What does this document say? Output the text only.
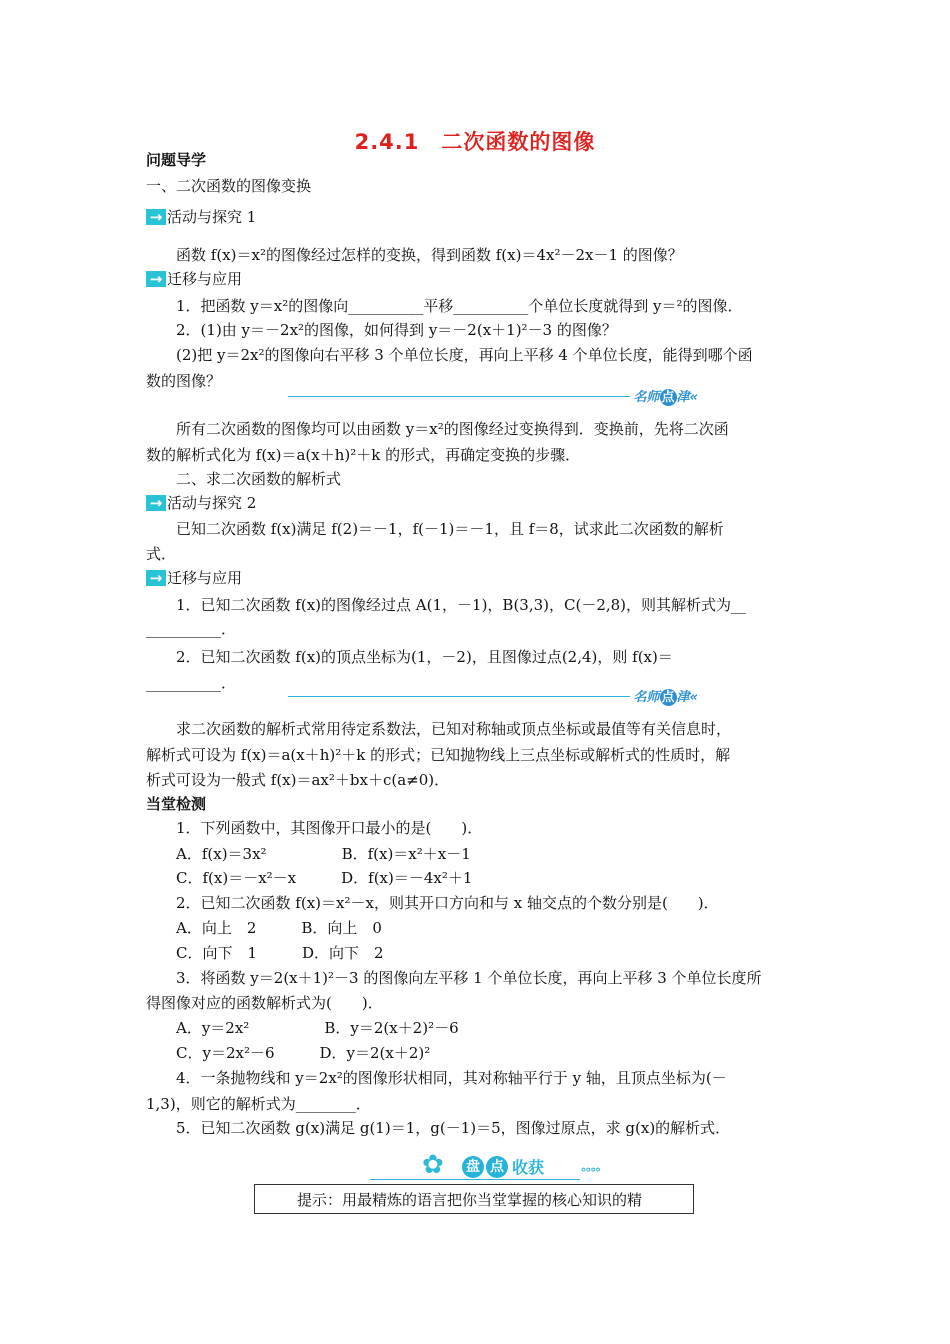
2.4.1　二次函数的图像
问题导学
一、二次函数的图像变换
→ 活动与探究 1
　　函数 f(x)＝x²的图像经过怎样的变换，得到函数 f(x)＝4x²－2x－1 的图像？
→ 迁移与应用
　　1．把函数 y＝x²的图像向__________平移__________个单位长度就得到 y＝²的图像．
　　2．(1)由 y＝－2x²的图像，如何得到 y＝－2(x＋1)²－3 的图像？
　　(2)把 y＝2x²的图像向右平移 3 个单位长度，再向上平移 4 个单位长度，能得到哪个函
数的图像？
　　所有二次函数的图像均可以由函数 y＝x²的图像经过变换得到．变换前，先将二次函
数的解析式化为 f(x)＝a(x＋h)²＋k 的形式，再确定变换的步骤．
　　二、求二次函数的解析式
→ 活动与探究 2
　　已知二次函数 f(x)满足 f(2)＝－1，f(－1)＝－1，且 f＝8，试求此二次函数的解析
式．
→ 迁移与应用
　　1．已知二次函数 f(x)的图像经过点 A(1，－1)，B(3,3)，C(－2,8)，则其解析式为__
__________．
　　2．已知二次函数 f(x)的顶点坐标为(1，－2)，且图像过点(2,4)，则 f(x)＝
__________．
　　求二次函数的解析式常用待定系数法，已知对称轴或顶点坐标或最值等有关信息时，
解析式可设为 f(x)＝a(x＋h)²＋k 的形式；已知抛物线上三点坐标或解析式的性质时，解
析式可设为一般式 f(x)＝ax²＋bx＋c(a≠0)．
当堂检测
　　1．下列函数中，其图像开口最小的是(　　)．
　　A．f(x)＝3x²　　　　　B．f(x)＝x²＋x－1
　　C．f(x)＝－x²－x　　　D．f(x)＝－4x²＋1
　　2．已知二次函数 f(x)＝x²－x，则其开口方向和与 x 轴交点的个数分别是(　　)．
　　A．向上　2　　　B．向上　0
　　C．向下　1　　　D．向下　2
　　3．将函数 y＝2(x＋1)²－3 的图像向左平移 1 个单位长度，再向上平移 3 个单位长度所
得图像对应的函数解析式为(　　)．
　　A．y＝2x²　　　　　B．y＝2(x＋2)²－6
　　C．y＝2x²－6　　　D．y＝2(x＋2)²
　　4．一条抛物线和 y＝2x²的图像形状相同，其对称轴平行于 y 轴，且顶点坐标为(－
1,3)，则它的解析式为________．
　　5．已知二次函数 g(x)满足 g(1)＝1，g(－1)＝5，图像过原点，求 g(x)的解析式．
名师 点 津«
名师 点 津«
✿ 盘 点 收获	∘∘∘∘
提示：用最精炼的语言把你当堂掌握的核心知识的精
